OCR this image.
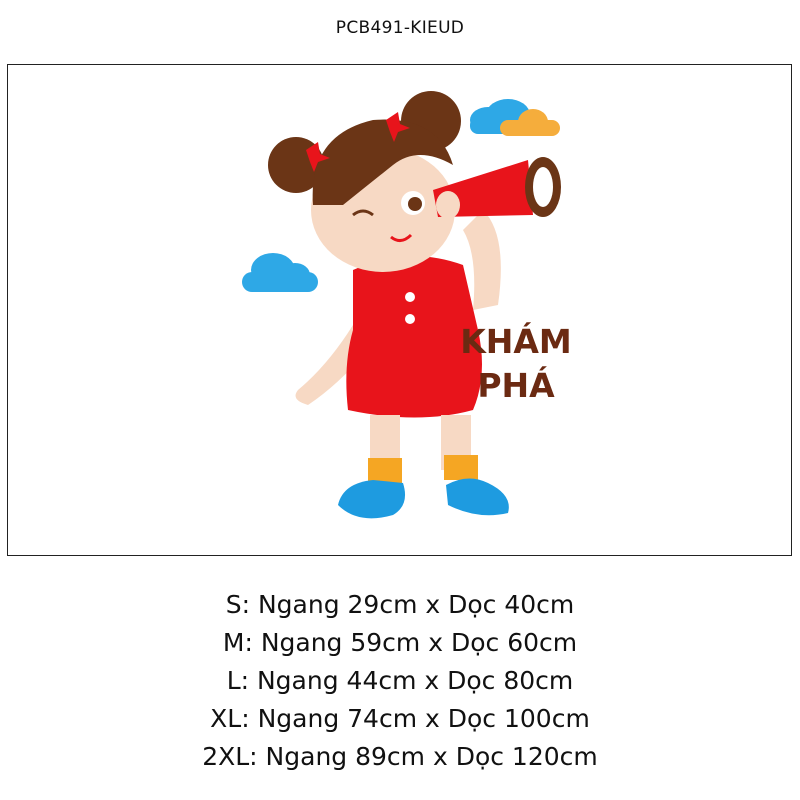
PCB491-KIEUD
KHÁM
PHÁ
S: Ngang 29cm x Dọc 40cm
M: Ngang 59cm x Dọc 60cm
L: Ngang 44cm x Dọc 80cm
XL: Ngang 74cm x Dọc 100cm
2XL: Ngang 89cm x Dọc 120cm
